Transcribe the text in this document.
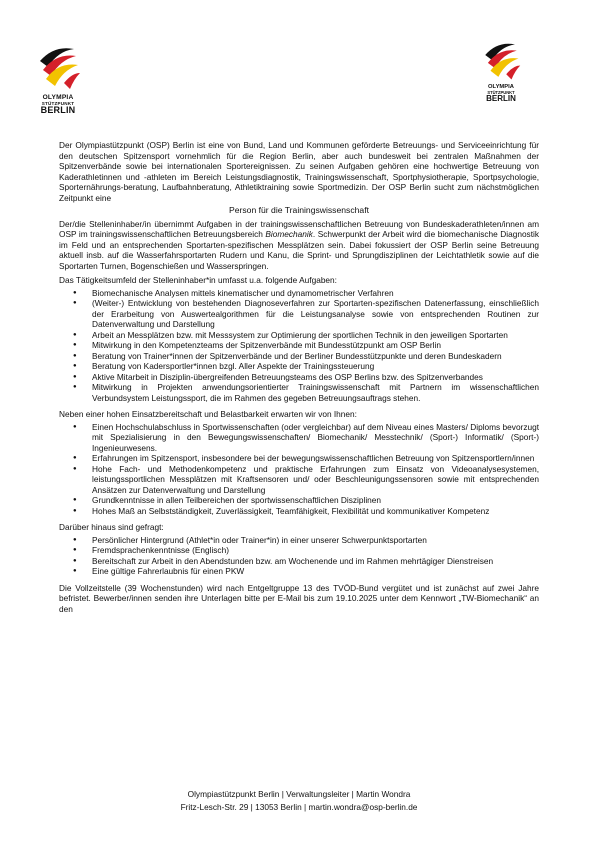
OLYMPIA
STÜTZPUNKT
BERLIN
OLYMPIA
STÜTZPUNKT
BERLIN

Der Olympiastützpunkt (OSP) Berlin ist eine von Bund, Land und Kommunen geförderte Betreuungs- und Serviceeinrichtung für den deutschen Spitzensport vornehmlich für die Region Berlin, aber auch bundesweit bei zentralen Maßnahmen der Spitzenverbände sowie bei internationalen Sportereignissen. Zu seinen Aufgaben gehören eine hochwertige Betreuung von Kaderathletinnen und -athleten im Bereich Leistungsdiagnostik, Trainingswissenschaft, Sportphysiotherapie, Sportpsychologie, Sporternährungs-beratung, Laufbahnberatung, Athletiktraining sowie Sportmedizin. Der OSP Berlin sucht zum nächstmöglichen Zeitpunkt eine

Person für die Trainingswissenschaft

Der/die Stelleninhaber/in übernimmt Aufgaben in der trainingswissenschaftlichen Betreuung von Bundeskaderathleten/innen am OSP im trainingswissenschaftlichen Betreuungsbereich Biomechanik. Schwerpunkt der Arbeit wird die biomechanische Diagnostik im Feld und an entsprechenden Sportarten-spezifischen Messplätzen sein. Dabei fokussiert der OSP Berlin seine Betreuung aktuell insb. auf die Wasserfahrsportarten Rudern und Kanu, die Sprint- und Sprungdisziplinen der Leichtathletik sowie auf die Sportarten Turnen, Bogenschießen und Wasserspringen.

Das Tätigkeitsumfeld der Stelleninhaber*in umfasst u.a. folgende Aufgaben:

● Biomechanische Analysen mittels kinematischer und dynamometrischer Verfahren
● (Weiter-) Entwicklung von bestehenden Diagnoseverfahren zur Sportarten-spezifischen Datenerfassung, einschließlich der Erarbeitung von Auswertealgorithmen für die Leistungsanalyse sowie von entsprechenden Routinen zur Datenverwaltung und Darstellung
● Arbeit an Messplätzen bzw. mit Messsystem zur Optimierung der sportlichen Technik in den jeweiligen Sportarten
● Mitwirkung in den Kompetenzteams der Spitzenverbände mit Bundesstützpunkt am OSP Berlin
● Beratung von Trainer*innen der Spitzenverbände und der Berliner Bundesstützpunkte und deren Bundeskadern
● Beratung von Kadersportler*innen bzgl. Aller Aspekte der Trainingssteuerung
● Aktive Mitarbeit in Disziplin-übergreifenden Betreuungsteams des OSP Berlins bzw. des Spitzenverbandes
● Mitwirkung in Projekten anwendungsorientierter Trainingswissenschaft mit Partnern im wissenschaftlichen Verbundsystem Leistungssport, die im Rahmen des gegeben Betreuungsauftrags stehen.

Neben einer hohen Einsatzbereitschaft und Belastbarkeit erwarten wir von Ihnen:

● Einen Hochschulabschluss in Sportwissenschaften (oder vergleichbar) auf dem Niveau eines Masters/ Diploms bevorzugt mit Spezialisierung in den Bewegungswissenschaften/ Biomechanik/ Messtechnik/ (Sport-) Informatik/ (Sport-) Ingenieurwesens.
● Erfahrungen im Spitzensport, insbesondere bei der bewegungswissenschaftlichen Betreuung von Spitzensportlern/innen
● Hohe Fach- und Methodenkompetenz und praktische Erfahrungen zum Einsatz von Videoanalysesystemen, leistungssportlichen Messplätzen mit Kraftsensoren und/ oder Beschleunigungssensoren sowie mit entsprechenden Ansätzen zur Datenverwaltung und Darstellung
● Grundkenntnisse in allen Teilbereichen der sportwissenschaftlichen Disziplinen
● Hohes Maß an Selbstständigkeit, Zuverlässigkeit, Teamfähigkeit, Flexibilität und kommunikativer Kompetenz

Darüber hinaus sind gefragt:

● Persönlicher Hintergrund (Athlet*in oder Trainer*in) in einer unserer Schwerpunktsportarten
● Fremdsprachenkenntnisse (Englisch)
● Bereitschaft zur Arbeit in den Abendstunden bzw. am Wochenende und im Rahmen mehrtägiger Dienstreisen
● Eine gültige Fahrerlaubnis für einen PKW

Die Vollzeitstelle (39 Wochenstunden) wird nach Entgeltgruppe 13 des TVÖD-Bund vergütet und ist zunächst auf zwei Jahre befristet. Bewerber/innen senden ihre Unterlagen bitte per E-Mail bis zum 19.10.2025 unter dem Kennwort „TW-Biomechanik“ an den

Olympiastützpunkt Berlin | Verwaltungsleiter | Martin Wondra
Fritz-Lesch-Str. 29 | 13053 Berlin | martin.wondra@osp-berlin.de
